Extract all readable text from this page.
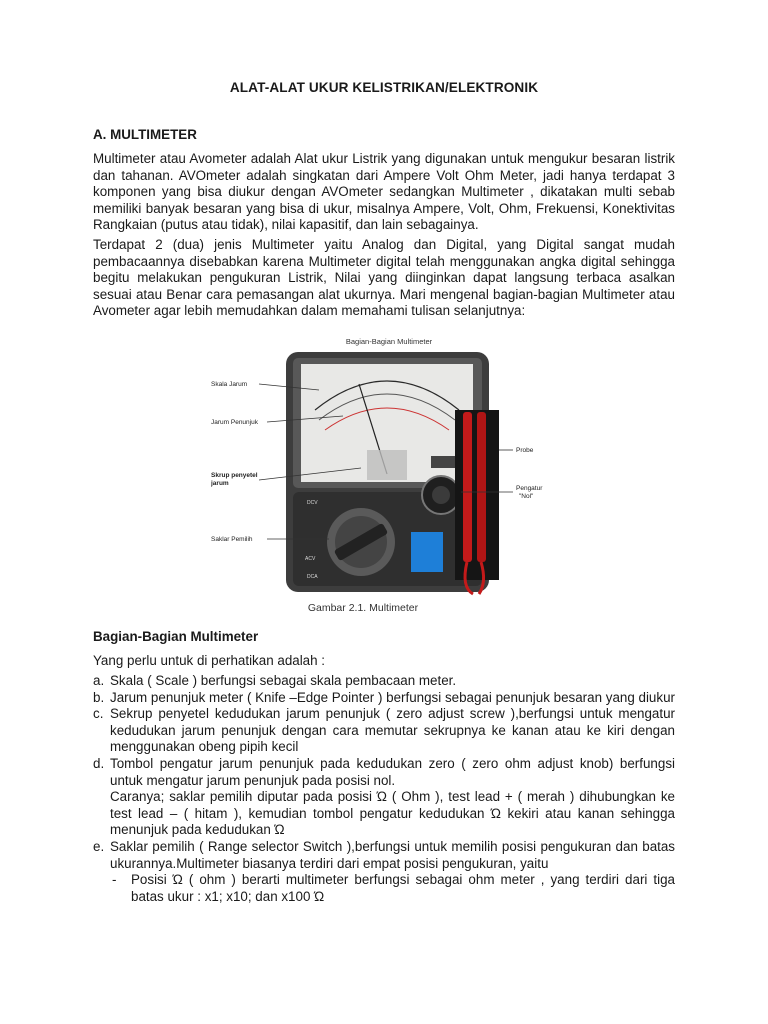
ALAT-ALAT UKUR KELISTRIKAN/ELEKTRONIK
A. MULTIMETER
Multimeter atau Avometer adalah Alat ukur Listrik yang digunakan untuk mengukur besaran listrik dan tahanan. AVOmeter adalah singkatan dari Ampere Volt Ohm Meter, jadi hanya terdapat 3 komponen yang bisa diukur dengan AVOmeter sedangkan Multimeter , dikatakan multi sebab memiliki banyak besaran yang bisa di ukur, misalnya Ampere, Volt, Ohm, Frekuensi, Konektivitas Rangkaian (putus atau tidak), nilai kapasitif, dan lain sebagainya.
Terdapat 2 (dua) jenis Multimeter yaitu Analog dan Digital, yang Digital sangat mudah pembacaannya disebabkan karena Multimeter digital telah menggunakan angka digital sehingga begitu melakukan pengukuran Listrik, Nilai yang diinginkan dapat langsung terbaca asalkan sesuai atau Benar cara pemasangan alat ukurnya. Mari mengenal bagian-bagian Multimeter atau Avometer agar lebih memudahkan dalam memahami tulisan selanjutnya:
Bagian-Bagian Multimeter
DCV
ACV
DCA
Skala Jarum
Jarum Penunjuk
Skrup penyetel
jarum
Saklar Pemilih
Probe
Pengatur
"Nol"
Gambar 2.1. Multimeter
Bagian-Bagian Multimeter
Yang perlu untuk di perhatikan adalah :
a. Skala ( Scale ) berfungsi sebagai skala pembacaan meter.
b. Jarum penunjuk meter ( Knife –Edge Pointer ) berfungsi sebagai penunjuk besaran yang diukur
c. Sekrup penyetel kedudukan jarum penunjuk ( zero adjust screw ),berfungsi untuk mengatur kedudukan jarum penunjuk dengan cara memutar sekrupnya ke kanan atau ke kiri dengan menggunakan obeng pipih kecil
d. Tombol pengatur jarum penunjuk pada kedudukan zero ( zero ohm adjust knob) berfungsi untuk mengatur jarum penunjuk pada posisi nol.
Caranya; saklar pemilih diputar pada posisi Ώ ( Ohm ), test lead + ( merah ) dihubungkan ke test lead – ( hitam ), kemudian tombol pengatur kedudukan Ώ kekiri atau kanan sehingga menunjuk pada kedudukan Ώ
e. Saklar pemilih ( Range selector Switch ),berfungsi untuk memilih posisi pengukuran dan batas ukurannya.Multimeter biasanya terdiri dari empat posisi pengukuran, yaitu
- Posisi Ώ ( ohm ) berarti multimeter berfungsi sebagai ohm meter , yang terdiri dari tiga batas ukur : x1; x10; dan x100 Ώ
